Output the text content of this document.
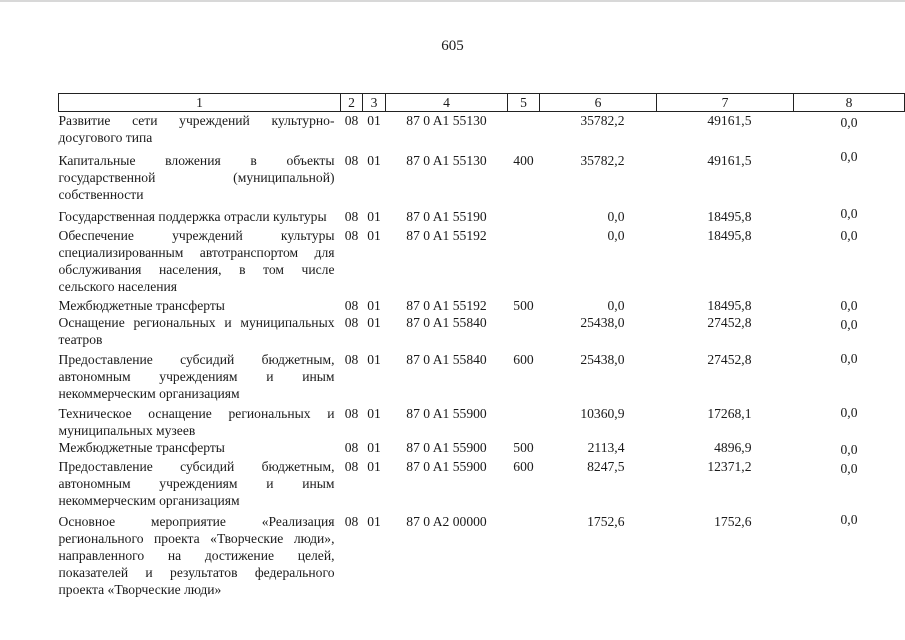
605
1	2	3	4	5	6	7	8
Развитие сети учреждений культурно-досугового типа	08	01	87 0 A1 55130		35782,2	49161,5	0,0
Капитальные вложения в объекты государственной (муниципальной) собственности	08	01	87 0 A1 55130	400	35782,2	49161,5	0,0
Государственная поддержка отрасли культуры	08	01	87 0 A1 55190		0,0	18495,8	0,0
Обеспечение учреждений культуры специализированным автотранспортом для обслуживания населения, в том числе сельского населения	08	01	87 0 A1 55192		0,0	18495,8	0,0
Межбюджетные трансферты	08	01	87 0 A1 55192	500	0,0	18495,8	0,0
Оснащение региональных и муниципальных театров	08	01	87 0 A1 55840		25438,0	27452,8	0,0
Предоставление субсидий бюджетным, автономным учреждениям и иным некоммерческим организациям	08	01	87 0 A1 55840	600	25438,0	27452,8	0,0
Техническое оснащение региональных и муниципальных музеев	08	01	87 0 A1 55900		10360,9	17268,1	0,0
Межбюджетные трансферты	08	01	87 0 A1 55900	500	2113,4	4896,9	0,0
Предоставление субсидий бюджетным, автономным учреждениям и иным некоммерческим организациям	08	01	87 0 A1 55900	600	8247,5	12371,2	0,0
Основное мероприятие «Реализация регионального проекта «Творческие люди», направленного на достижение целей, показателей и результатов федерального проекта «Творческие люди»	08	01	87 0 A2 00000		1752,6	1752,6	0,0
